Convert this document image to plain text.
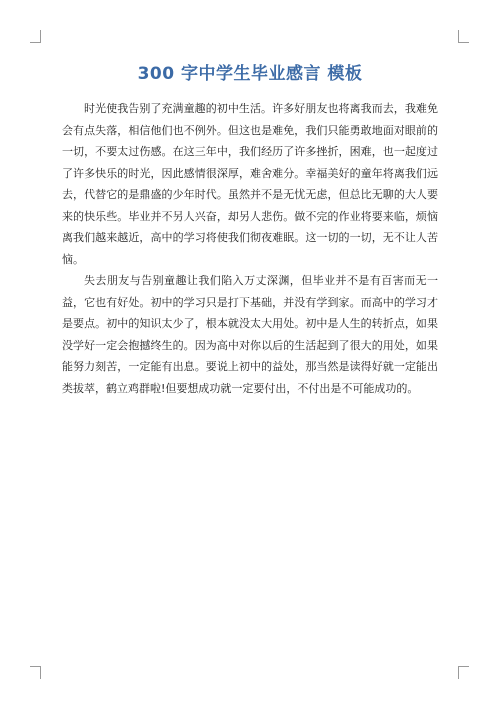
300 字中学生毕业感言 模板

时光使我告别了充满童趣的初中生活。许多好朋友也将离我而去，我难免会有点失落，相信他们也不例外。但这也是难免，我们只能勇敢地面对眼前的一切，不要太过伤感。在这三年中，我们经历了许多挫折，困难，也一起度过了许多快乐的时光，因此感情很深厚，难舍难分。幸福美好的童年将离我们远去，代替它的是鼎盛的少年时代。虽然并不是无忧无虑，但总比无聊的大人要来的快乐些。毕业并不另人兴奋，却另人悲伤。做不完的作业将要来临，烦恼离我们越来越近，高中的学习将使我们彻夜难眠。这一切的一切，无不让人苦恼。

失去朋友与告别童趣让我们陷入万丈深渊，但毕业并不是有百害而无一益，它也有好处。初中的学习只是打下基础，并没有学到家。而高中的学习才是要点。初中的知识太少了，根本就没太大用处。初中是人生的转折点，如果没学好一定会抱撼终生的。因为高中对你以后的生活起到了很大的用处，如果能努力刻苦，一定能有出息。要说上初中的益处，那当然是读得好就一定能出类拔萃，鹤立鸡群啦!但要想成功就一定要付出，不付出是不可能成功的。
